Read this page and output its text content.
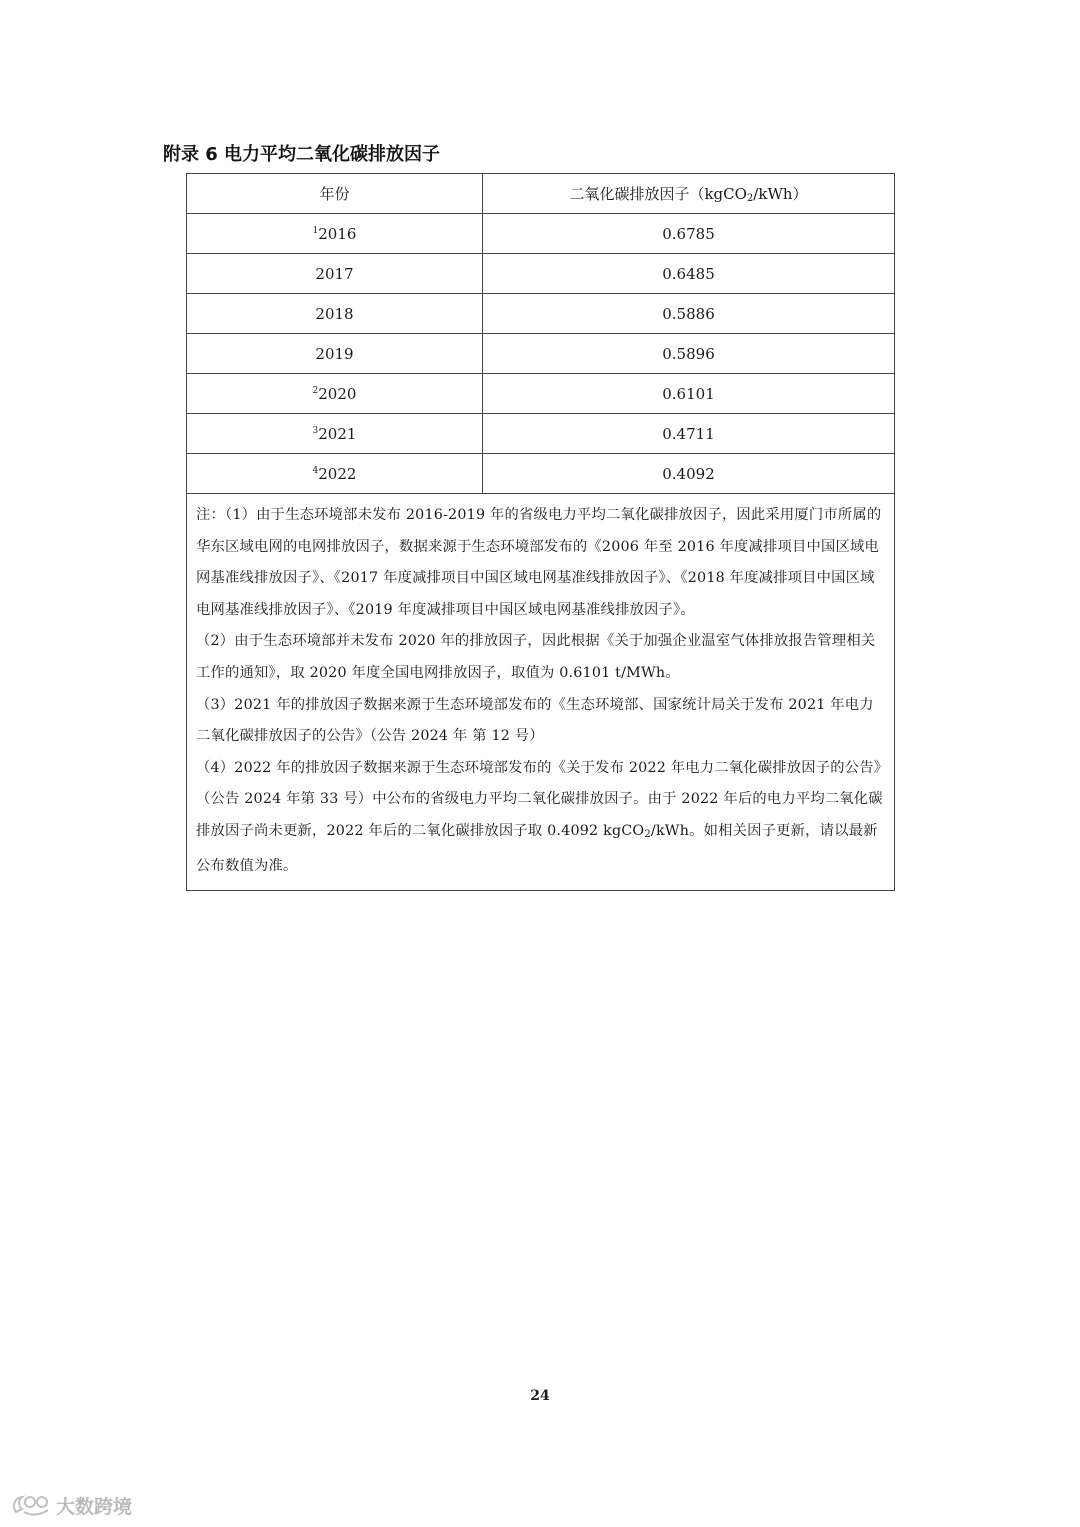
附录 6 电力平均二氧化碳排放因子
年份	二氧化碳排放因子（kgCO$_2$/kWh）
$^1$2016	0.6785
2017	0.6485
2018	0.5886
2019	0.5896
$^2$2020	0.6101
$^3$2021	0.4711
$^4$2022	0.4092

注：（1）由于生态环境部未发布 2016-2019 年的省级电力平均二氧化碳排放因子，因此采用厦门市所属的华东区域电网的电网排放因子，数据来源于生态环境部发布的《2006 年至 2016 年度减排项目中国区域电网基准线排放因子》、《2017 年度减排项目中国区域电网基准线排放因子》、《2018 年度减排项目中国区域电网基准线排放因子》、《2019 年度减排项目中国区域电网基准线排放因子》。

（2）由于生态环境部并未发布 2020 年的排放因子，因此根据《关于加强企业温室气体排放报告管理相关工作的通知》，取 2020 年度全国电网排放因子，取值为 0.6101 t/MWh。

（3）2021 年的排放因子数据来源于生态环境部发布的《生态环境部、国家统计局关于发布 2021 年电力二氧化碳排放因子的公告》（公告 2024 年 第 12 号）

（4）2022 年的排放因子数据来源于生态环境部发布的《关于发布 2022 年电力二氧化碳排放因子的公告》（公告 2024 年第 33 号）中公布的省级电力平均二氧化碳排放因子。由于 2022 年后的电力平均二氧化碳排放因子尚未更新，2022 年后的二氧化碳排放因子取 0.4092 kgCO$_2$/kWh。如相关因子更新，请以最新公布数值为准。	

24
大数跨境
